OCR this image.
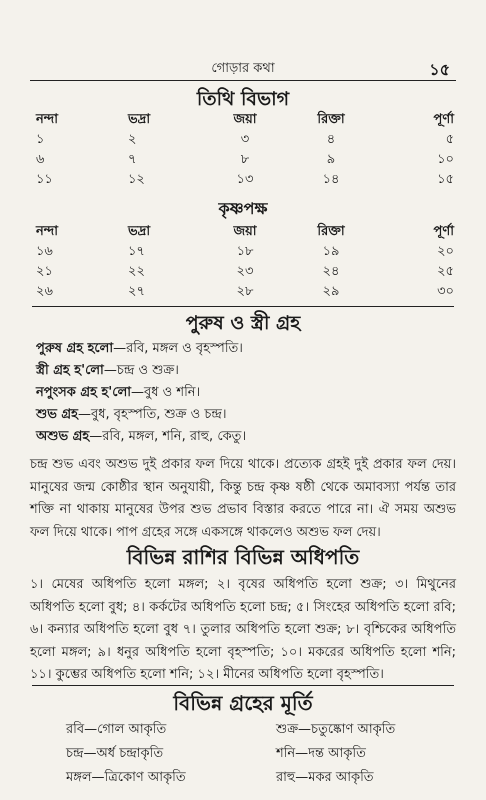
গোড়ার কথা	১৫
তিথি বিভাগ
নন্দা	ভদ্রা	জয়া	রিক্তা	পূর্ণা
১	২	৩	৪	৫
৬	৭	৮	৯	১০
১১	১২	১৩	১৪	১৫
কৃষ্ণপক্ষ
নন্দা	ভদ্রা	জয়া	রিক্তা	পূর্ণা
১৬	১৭	১৮	১৯	২০
২১	২২	২৩	২৪	২৫
২৬	২৭	২৮	২৯	৩০
পুরুষ ও স্ত্রী গ্রহ
পুরুষ গ্রহ হলো—রবি, মঙ্গল ও বৃহস্পতি।
স্ত্রী গ্রহ হ'লো—চন্দ্র ও শুক্র।
নপুংসক গ্রহ হ'লো—বুধ ও শনি।
শুভ গ্রহ—বুধ, বৃহস্পতি, শুক্র ও চন্দ্র।
অশুভ গ্রহ—রবি, মঙ্গল, শনি, রাহু, কেতু।

চন্দ্র শুভ এবং অশুভ দুই প্রকার ফল দিয়ে থাকে। প্রত্যেক গ্রহই দুই প্রকার ফল দেয়। মানুষের জন্ম কোষ্ঠীর স্থান অনুযায়ী, কিন্তু চন্দ্র কৃষ্ণ ষষ্ঠী থেকে অমাবস্যা পর্যন্ত তার শক্তি না থাকায় মানুষের উপর শুভ প্রভাব বিস্তার করতে পারে না। ঐ সময় অশুভ ফল দিয়ে থাকে। পাপ গ্রহের সঙ্গে একসঙ্গে থাকলেও অশুভ ফল দেয়।

বিভিন্ন রাশির বিভিন্ন অধিপতি

১। মেষের অধিপতি হলো মঙ্গল; ২। বৃষের অধিপতি হলো শুক্র; ৩। মিথুনের অধিপতি হলো বুধ; ৪। কর্কটের অধিপতি হলো চন্দ্র; ৫। সিংহের অধিপতি হলো রবি; ৬। কন্যার অধিপতি হলো বুধ ৭। তুলার অধিপতি হলো শুক্র; ৮। বৃশ্চিকের অধিপতি হলো মঙ্গল; ৯। ধনুর অধিপতি হলো বৃহস্পতি; ১০। মকরের অধিপতি হলো শনি; ১১। কুম্ভের অধিপতি হলো শনি; ১২। মীনের অধিপতি হলো বৃহস্পতি।

বিভিন্ন গ্রহের মূর্তি
রবি—গোল আকৃতি	শুক্র—চতুষ্কোণ আকৃতি
চন্দ্র—অর্ধ চন্দ্রাকৃতি	শনি—দন্ত আকৃতি
মঙ্গল—ত্রিকোণ আকৃতি	রাহু—মকর আকৃতি
